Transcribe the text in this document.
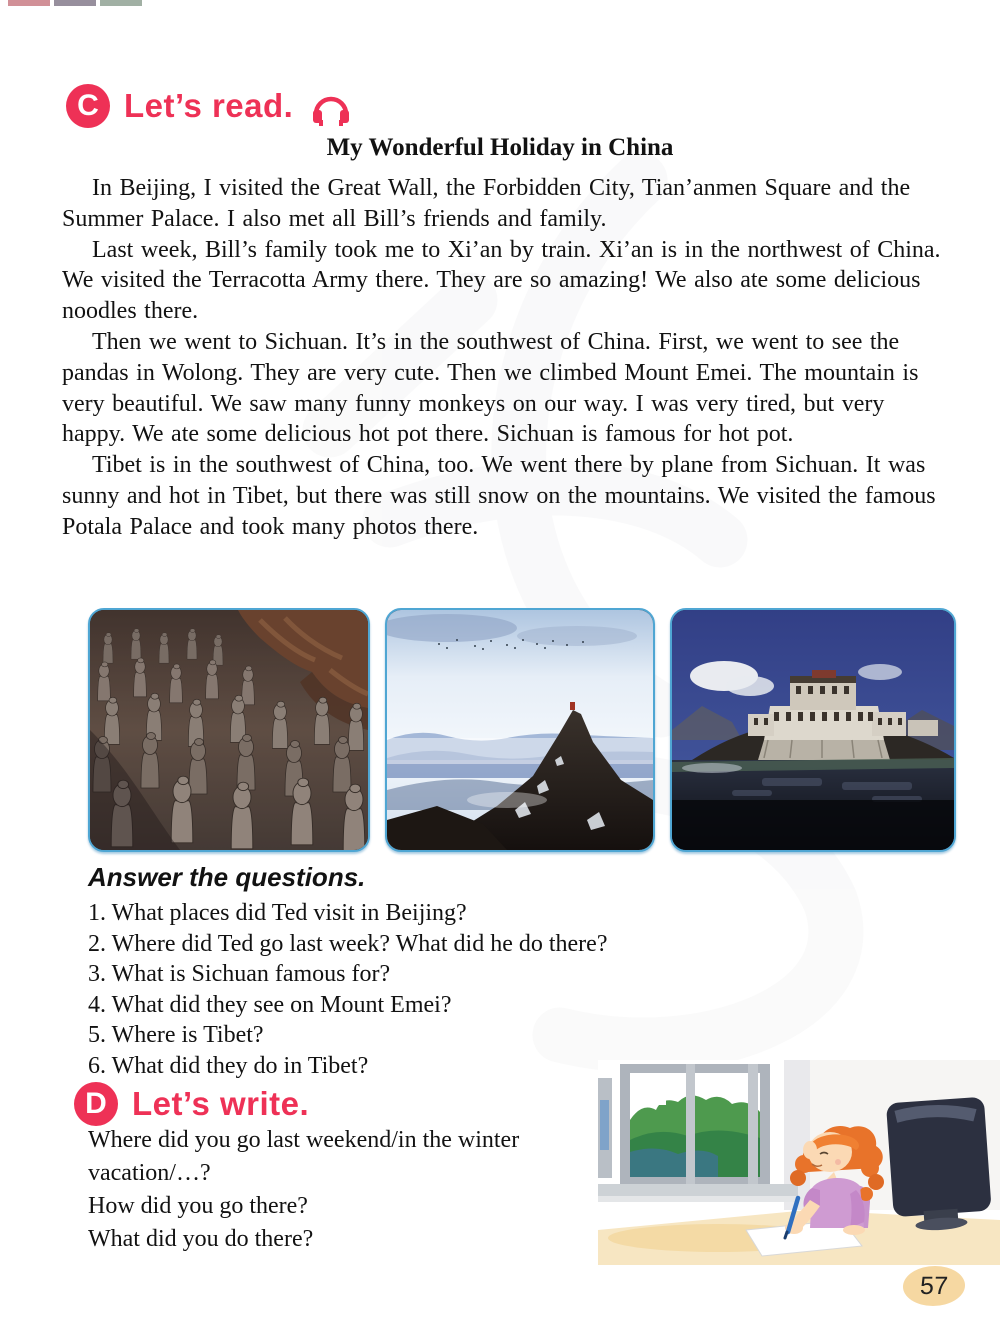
C Let’s read.
My Wonderful Holiday in China

In Beijing, I visited the Great Wall, the Forbidden City, Tian’anmen Square and the Summer Palace. I also met all Bill’s friends and family.

Last week, Bill’s family took me to Xi’an by train. Xi’an is in the northwest of China. We visited the Terracotta Army there. They are so amazing! We also ate some delicious noodles there.

Then we went to Sichuan. It’s in the southwest of China. First, we went to see the pandas in Wolong. They are very cute. Then we climbed Mount Emei. The mountain is very beautiful. We saw many funny monkeys on our way. I was very tired, but very happy. We ate some delicious hot pot there. Sichuan is famous for hot pot.

Tibet is in the southwest of China, too. We went there by plane from Sichuan. It was sunny and hot in Tibet, but there was still snow on the mountains. We visited the famous Potala Palace and took many photos there.

Answer the questions.
1. What places did Ted visit in Beijing?
2. Where did Ted go last week? What did he do there?
3. What is Sichuan famous for?
4. What did they see on Mount Emei?
5. Where is Tibet?
6. What did they do in Tibet?
D Let’s write.
Where did you go last weekend/in the winter vacation/…?
How did you go there?
What did you do there?
57
